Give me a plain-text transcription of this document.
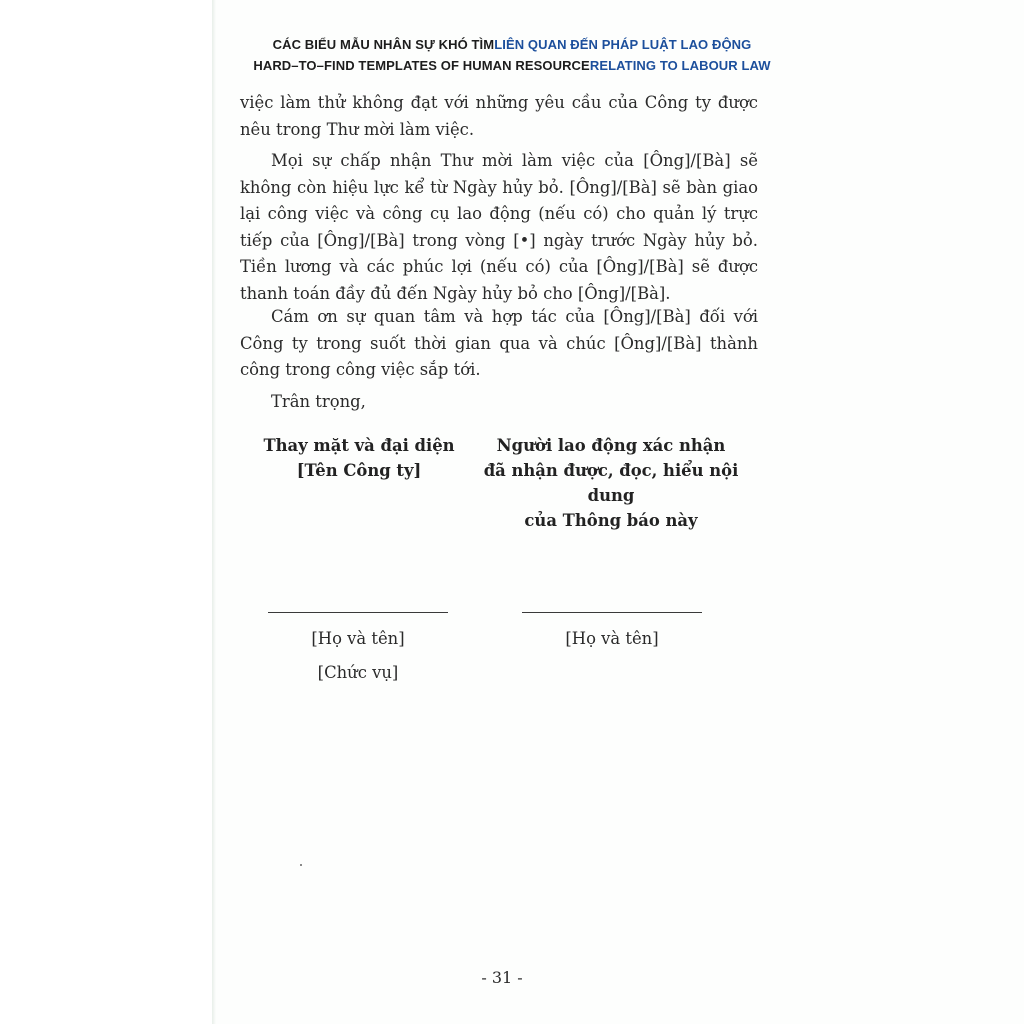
CÁC BIỂU MẪU NHÂN SỰ KHÓ TÌMLIÊN QUAN ĐẾN PHÁP LUẬT LAO ĐỘNG
HARD–TO–FIND TEMPLATES OF HUMAN RESOURCERELATING TO LABOUR LAW
việc làm thử không đạt với những yêu cầu của Công ty được nêu trong Thư mời làm việc.
Mọi sự chấp nhận Thư mời làm việc của [Ông]/[Bà] sẽ không còn hiệu lực kể từ Ngày hủy bỏ. [Ông]/[Bà] sẽ bàn giao lại công việc và công cụ lao động (nếu có) cho quản lý trực tiếp của [Ông]/[Bà] trong vòng [•] ngày trước Ngày hủy bỏ. Tiền lương và các phúc lợi (nếu có) của [Ông]/[Bà] sẽ được thanh toán đầy đủ đến Ngày hủy bỏ cho [Ông]/[Bà].
Cám ơn sự quan tâm và hợp tác của [Ông]/[Bà] đối với Công ty trong suốt thời gian qua và chúc [Ông]/[Bà] thành công trong công việc sắp tới.
Trân trọng,
Thay mặt và đại diện
[Tên Công ty]
Người lao động xác nhận
đã nhận được, đọc, hiểu nội dung
của Thông báo này
[Họ và tên]
[Chức vụ]
[Họ và tên]
- 31 -
